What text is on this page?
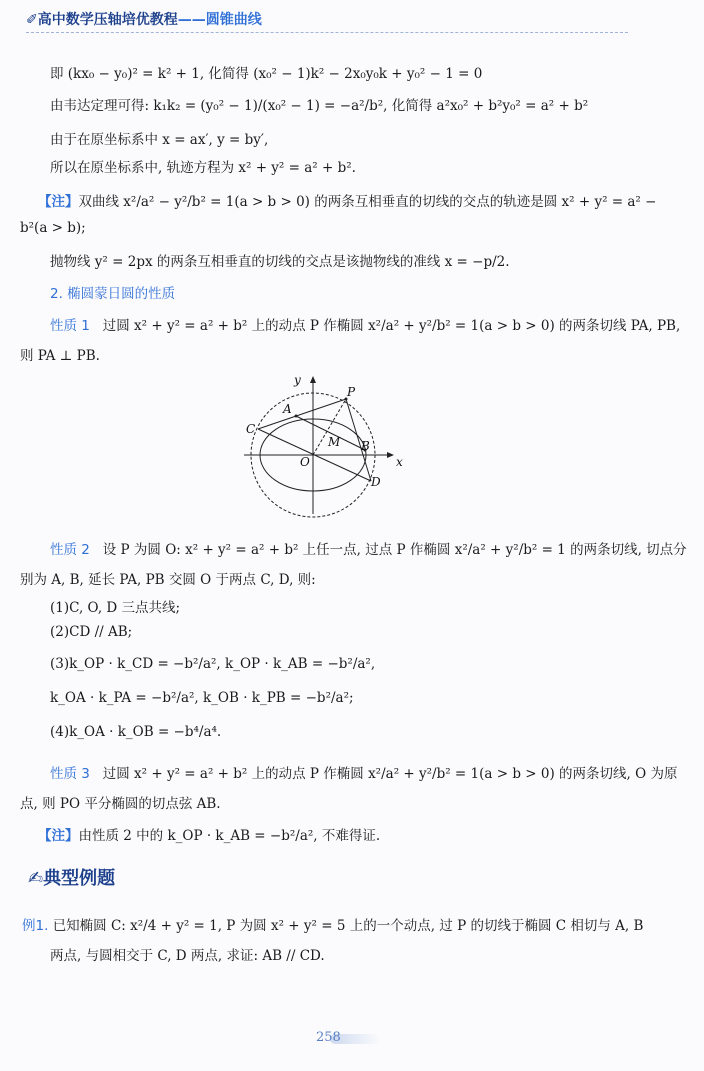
✐高中数学压轴培优教程——圆锥曲线
即 (kx₀ − y₀)² = k² + 1, 化简得 (x₀² − 1)k² − 2x₀y₀k + y₀² − 1 = 0
由韦达定理可得: k₁k₂ = (y₀² − 1)/(x₀² − 1) = −a²/b², 化简得 a²x₀² + b²y₀² = a² + b²
由于在原坐标系中 x = ax′, y = by′,
所以在原坐标系中, 轨迹方程为 x² + y² = a² + b².
【注】双曲线 x²/a² − y²/b² = 1(a > b > 0) 的两条互相垂直的切线的交点的轨迹是圆 x² + y² = a² −
b²(a > b);
抛物线 y² = 2px 的两条互相垂直的切线的交点是该抛物线的准线 x = −p/2.
2. 椭圆蒙日圆的性质
性质 1 过圆 x² + y² = a² + b² 上的动点 P 作椭圆 x²/a² + y²/b² = 1(a > b > 0) 的两条切线 PA, PB,
则 PA ⊥ PB.
y
x
P
A
C
M B
O
D
性质 2 设 P 为圆 O: x² + y² = a² + b² 上任一点, 过点 P 作椭圆 x²/a² + y²/b² = 1 的两条切线, 切点分
别为 A, B, 延长 PA, PB 交圆 O 于两点 C, D, 则:
(1)C, O, D 三点共线;
(2)CD // AB;
(3)k_OP · k_CD = −b²/a², k_OP · k_AB = −b²/a²,
k_OA · k_PA = −b²/a², k_OB · k_PB = −b²/a²;
(4)k_OA · k_OB = −b⁴/a⁴.
性质 3 过圆 x² + y² = a² + b² 上的动点 P 作椭圆 x²/a² + y²/b² = 1(a > b > 0) 的两条切线, O 为原
点, 则 PO 平分椭圆的切点弦 AB.
【注】由性质 2 中的 k_OP · k_AB = −b²/a², 不难得证.
✍典型例题
例1. 已知椭圆 C: x²/4 + y² = 1, P 为圆 x² + y² = 5 上的一个动点, 过 P 的切线于椭圆 C 相切与 A, B
两点, 与圆相交于 C, D 两点, 求证: AB // CD.
258
